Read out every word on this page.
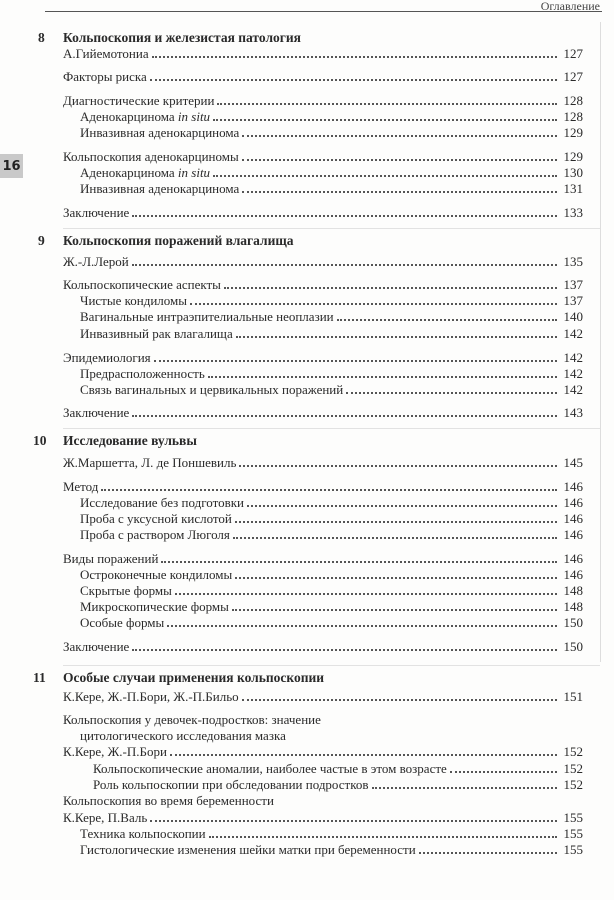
Оглавление
16
8 Кольпоскопия и железистая патология
А.Гийемотониа	127
Факторы риска	127
Диагностические критерии	128
Аденокарцинома in situ	128
Инвазивная аденокарцинома	129
Кольпоскопия аденокарциномы	129
Аденокарцинома in situ	130
Инвазивная аденокарцинома	131
Заключение	133
9 Кольпоскопия поражений влагалища
Ж.-Л.Лерой	135
Кольпоскопические аспекты	137
Чистые кондиломы	137
Вагинальные интраэпителиальные неоплазии	140
Инвазивный рак влагалища	142
Эпидемиология	142
Предрасположенность	142
Связь вагинальных и цервикальных поражений	142
Заключение	143
10 Исследование вульвы
Ж.Маршетта, Л. де Поншевиль	145
Метод	146
Исследование без подготовки	146
Проба с уксусной кислотой	146
Проба с раствором Люголя	146
Виды поражений	146
Остроконечные кондиломы	146
Скрытые формы	148
Микроскопические формы	148
Особые формы	150
Заключение	150
11 Особые случаи применения кольпоскопии
К.Кере, Ж.-П.Бори, Ж.-П.Бильо	151
Кольпоскопия у девочек-подростков: значение
цитологического исследования мазка
К.Кере, Ж.-П.Бори	152
Кольпоскопические аномалии, наиболее частые в этом возрасте	152
Роль кольпоскопии при обследовании подростков	152
Кольпоскопия во время беременности
К.Кере, П.Валь	155
Техника кольпоскопии	155
Гистологические изменения шейки матки при беременности	155
